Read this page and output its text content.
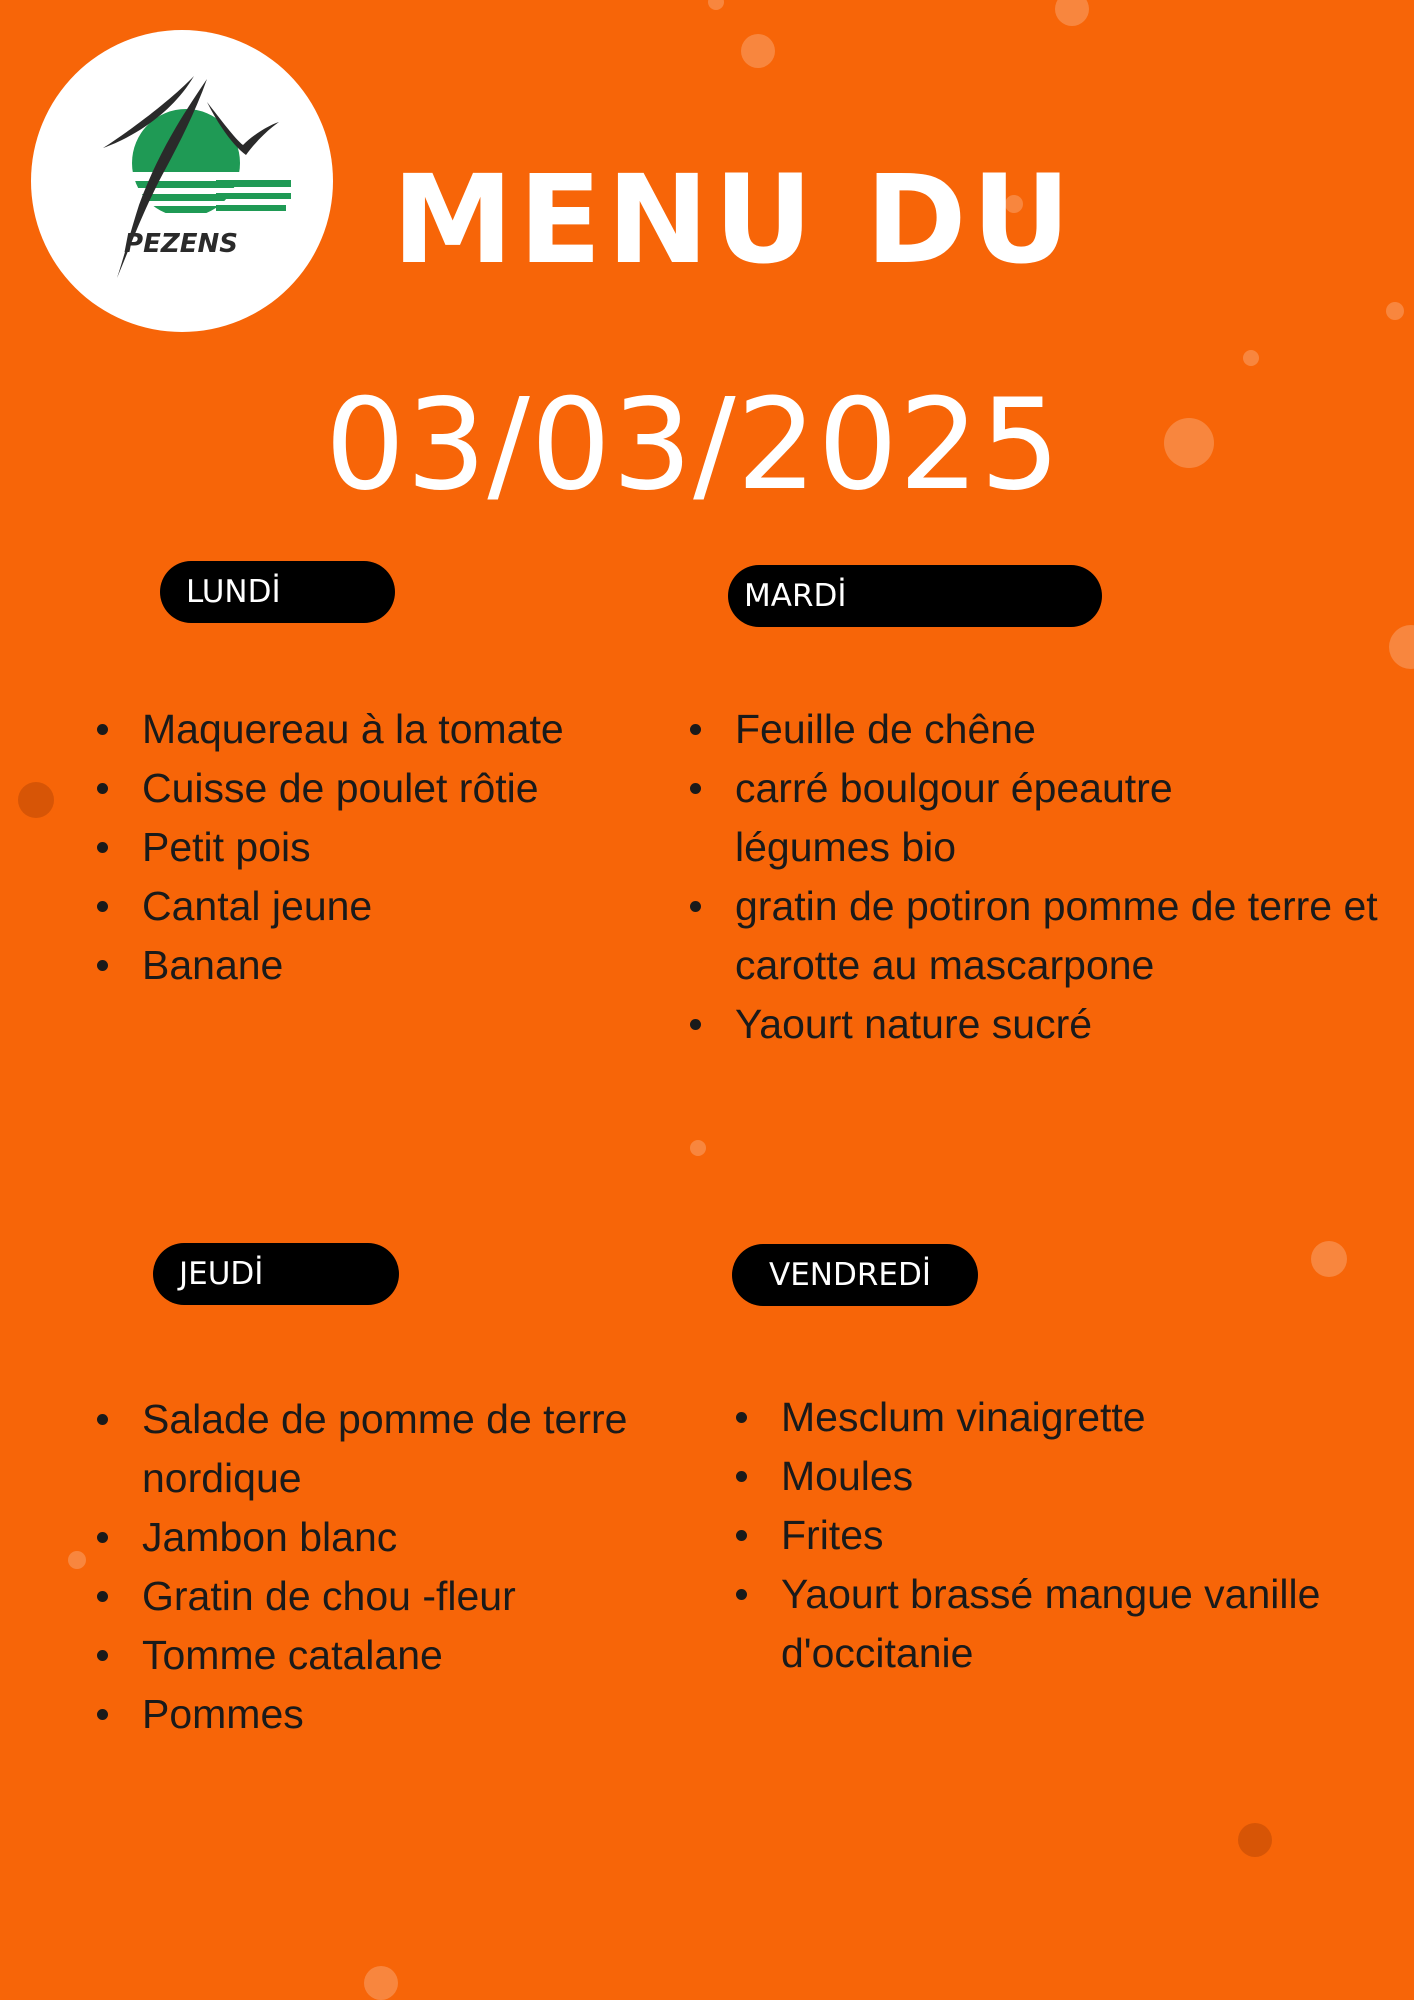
PEZENS MENU DU
03/03/2025
LUNDİ	MARDİ
JEUDİ	VENDREDİ
Maquereau à la tomate
Cuisse de poulet rôtie
Petit pois
Cantal jeune
Banane
Feuille de chêne
carré boulgour épeautre légumes bio
gratin de potiron pomme de terre et carotte au mascarpone
Yaourt nature sucré
Salade de pomme de terre nordique
Jambon blanc
Gratin de chou -fleur
Tomme catalane
Pommes
Mesclum vinaigrette
Moules
Frites
Yaourt brassé mangue vanille d'occitanie
